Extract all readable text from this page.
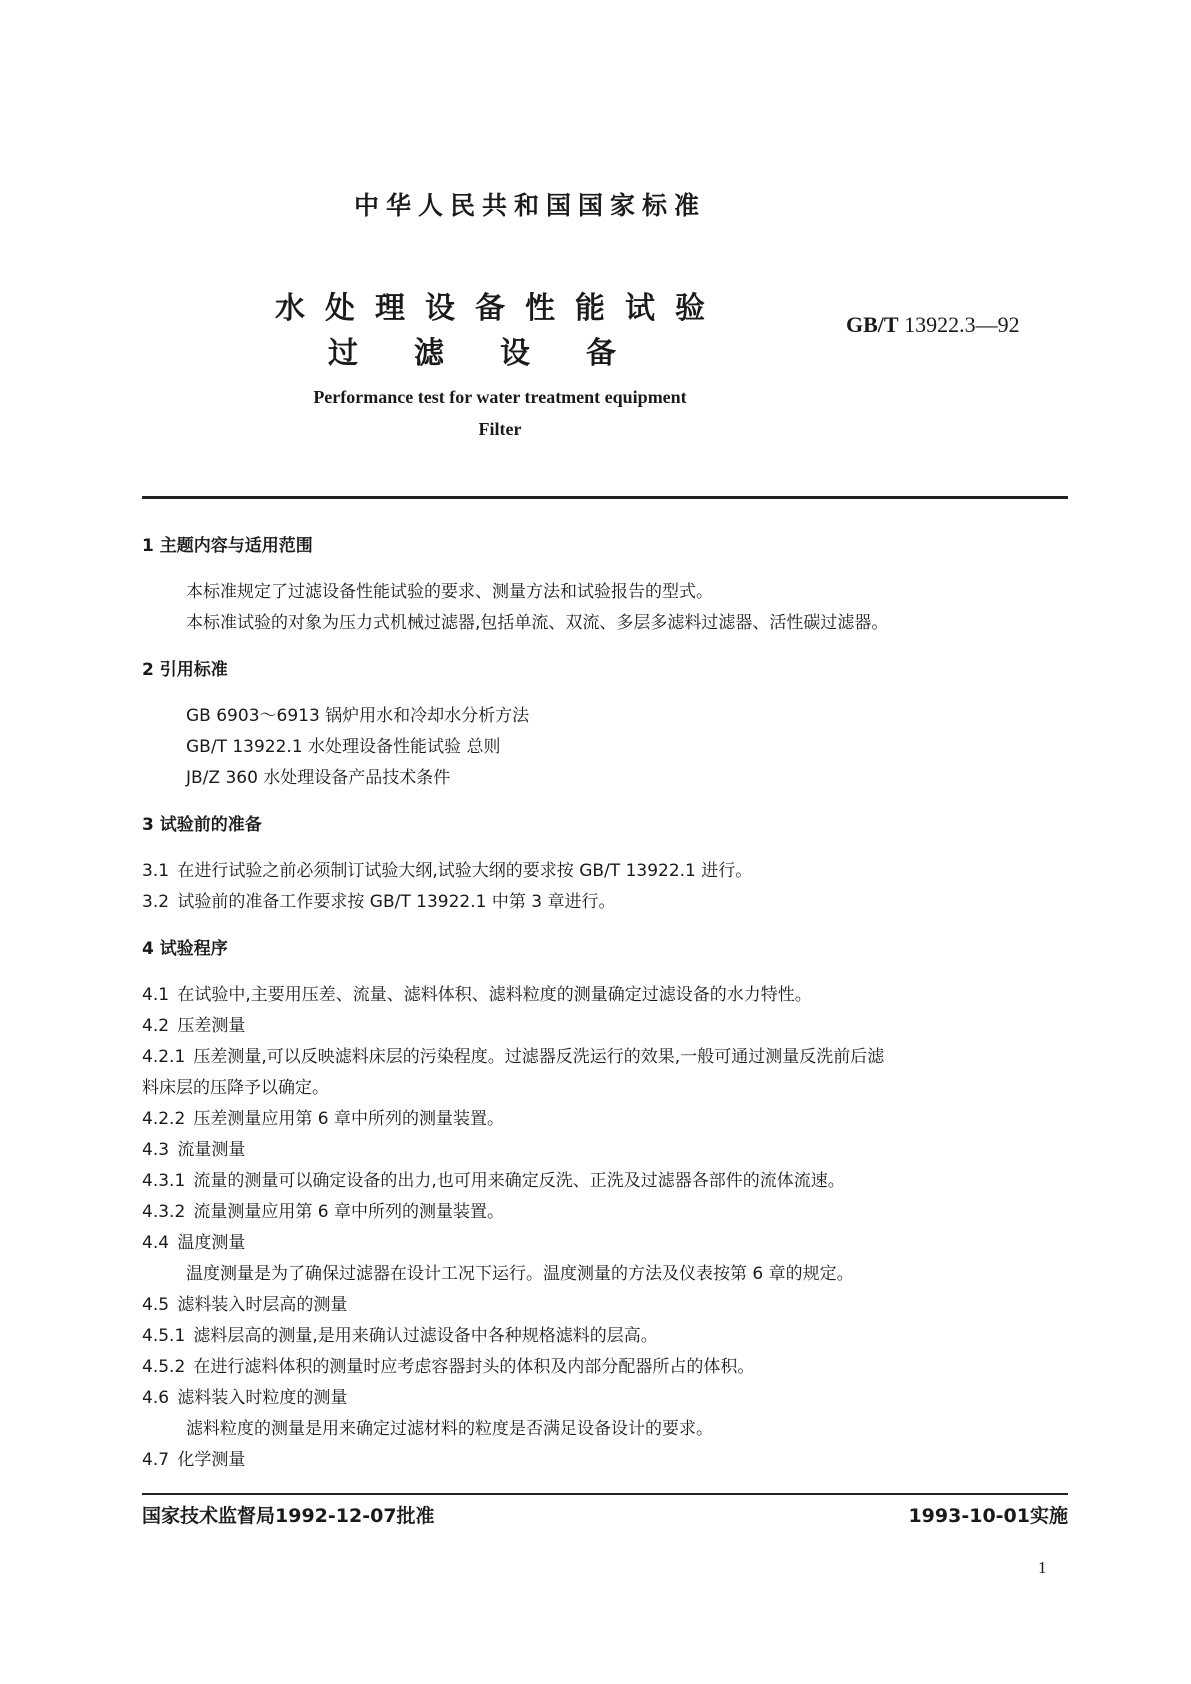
中华人民共和国国家标准
水处理设备性能试验
过滤设备
GB/T 13922.3—92
Performance test for water treatment equipment
Filter
1 主题内容与适用范围
本标准规定了过滤设备性能试验的要求、测量方法和试验报告的型式。
本标准试验的对象为压力式机械过滤器,包括单流、双流、多层多滤料过滤器、活性碳过滤器。
2 引用标准
GB 6903～6913 锅炉用水和冷却水分析方法
GB/T 13922.1 水处理设备性能试验 总则
JB/Z 360 水处理设备产品技术条件
3 试验前的准备
3.1 在进行试验之前必须制订试验大纲,试验大纲的要求按 GB/T 13922.1 进行。
3.2 试验前的准备工作要求按 GB/T 13922.1 中第 3 章进行。
4 试验程序
4.1 在试验中,主要用压差、流量、滤料体积、滤料粒度的测量确定过滤设备的水力特性。
4.2 压差测量
4.2.1 压差测量,可以反映滤料床层的污染程度。过滤器反洗运行的效果,一般可通过测量反洗前后滤
料床层的压降予以确定。
4.2.2 压差测量应用第 6 章中所列的测量装置。
4.3 流量测量
4.3.1 流量的测量可以确定设备的出力,也可用来确定反洗、正洗及过滤器各部件的流体流速。
4.3.2 流量测量应用第 6 章中所列的测量装置。
4.4 温度测量
温度测量是为了确保过滤器在设计工况下运行。温度测量的方法及仪表按第 6 章的规定。
4.5 滤料装入时层高的测量
4.5.1 滤料层高的测量,是用来确认过滤设备中各种规格滤料的层高。
4.5.2 在进行滤料体积的测量时应考虑容器封头的体积及内部分配器所占的体积。
4.6 滤料装入时粒度的测量
滤料粒度的测量是用来确定过滤材料的粒度是否满足设备设计的要求。
4.7 化学测量
国家技术监督局1992-12-07批准	1993-10-01实施
1
